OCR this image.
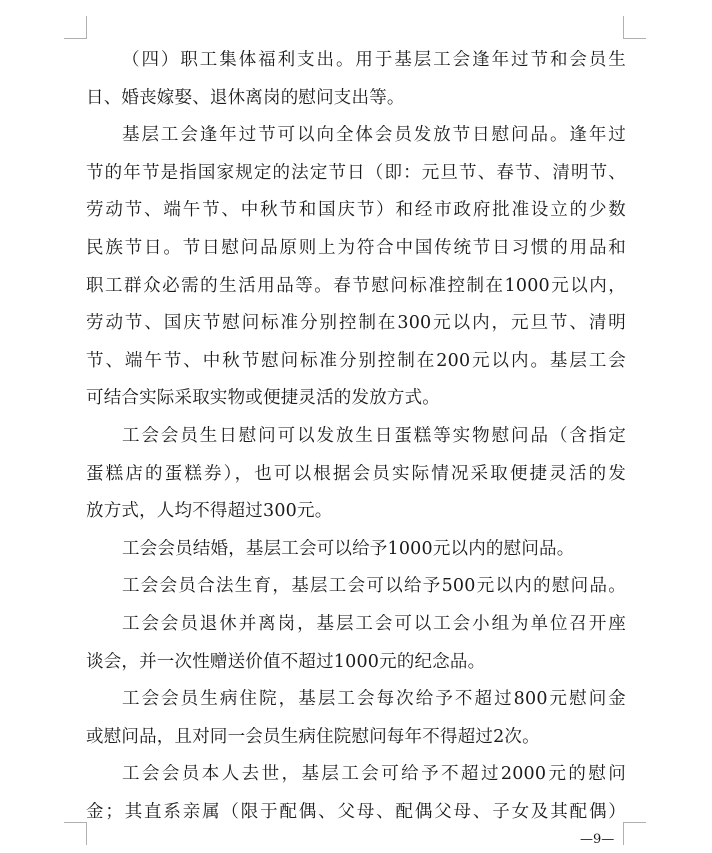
（四）职工集体福利支出。用于基层工会逢年过节和会员生
日、婚丧嫁娶、退休离岗的慰问支出等。
基层工会逢年过节可以向全体会员发放节日慰问品。逢年过
节的年节是指国家规定的法定节日（即：元旦节、春节、清明节、
劳动节、端午节、中秋节和国庆节）和经市政府批准设立的少数
民族节日。节日慰问品原则上为符合中国传统节日习惯的用品和
职工群众必需的生活用品等。春节慰问标准控制在1000元以内，
劳动节、国庆节慰问标准分别控制在300元以内，元旦节、清明
节、端午节、中秋节慰问标准分别控制在200元以内。基层工会
可结合实际采取实物或便捷灵活的发放方式。
工会会员生日慰问可以发放生日蛋糕等实物慰问品（含指定
蛋糕店的蛋糕券），也可以根据会员实际情况采取便捷灵活的发
放方式，人均不得超过300元。
工会会员结婚，基层工会可以给予1000元以内的慰问品。
工会会员合法生育，基层工会可以给予500元以内的慰问品。
工会会员退休并离岗，基层工会可以工会小组为单位召开座
谈会，并一次性赠送价值不超过1000元的纪念品。
工会会员生病住院，基层工会每次给予不超过800元慰问金
或慰问品，且对同一会员生病住院慰问每年不得超过2次。
工会会员本人去世，基层工会可给予不超过2000元的慰问
金；其直系亲属（限于配偶、父母、配偶父母、子女及其配偶）
—9—
